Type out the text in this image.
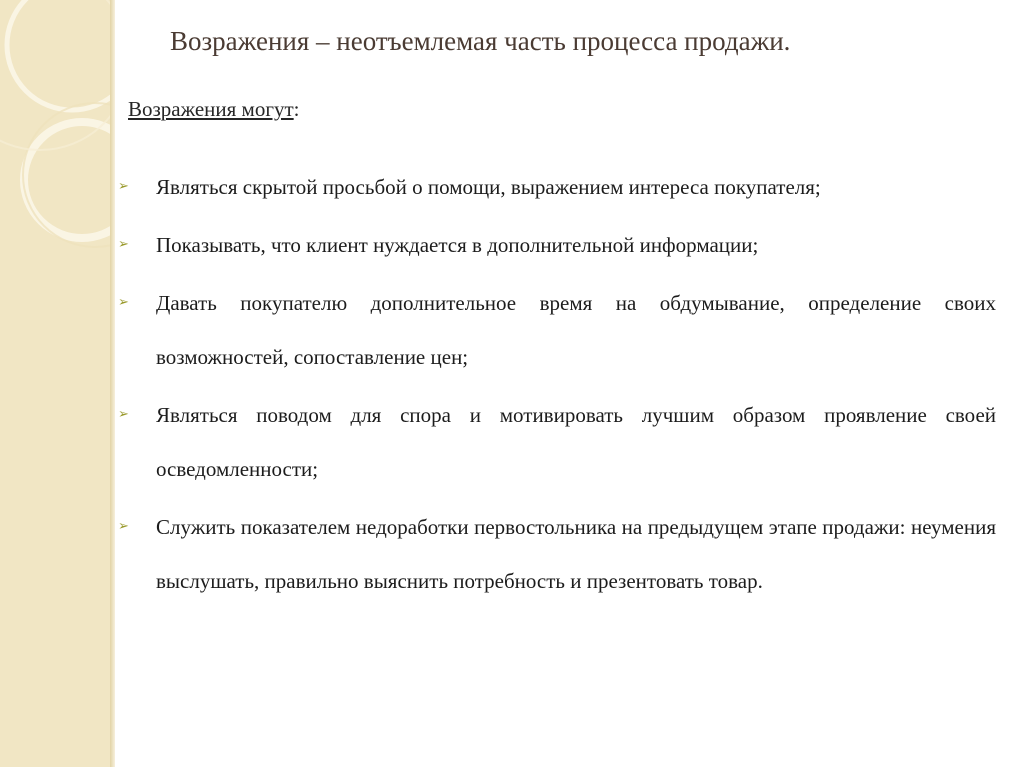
Возражения – неотъемлемая часть процесса продажи.
Возражения могут:
➢	Являться скрытой просьбой о помощи, выражением интереса покупателя;
➢	Показывать, что клиент нуждается в дополнительной информации;
➢	Давать покупателю дополнительное время на обдумывание, определение своих возможностей, сопоставление цен;
➢	Являться поводом для спора и мотивировать лучшим образом проявление своей осведомленности;
➢	Служить показателем недоработки первостольника на предыдущем этапе продажи: неумения выслушать, правильно выяснить потребность и презентовать товар.
